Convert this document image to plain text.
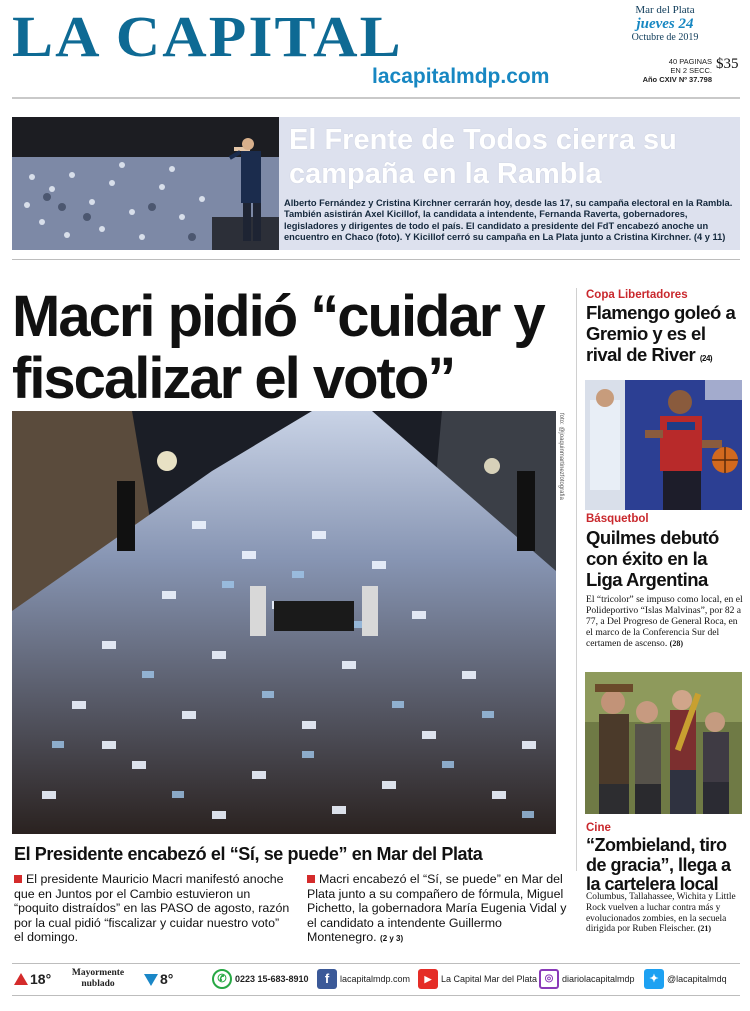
LA CAPITAL
lacapitalmdp.com
Mar del Plata
jueves 24
Octubre de 2019
40 PAGINAS
EN 2 SECC.
Año CXIV Nº 37.798
$35
El Frente de Todos cierra su campaña en la Rambla
Alberto Fernández y Cristina Kirchner cerrarán hoy, desde las 17, su campaña electoral en la Rambla. También asistirán Axel Kicillof, la candidata a intendente, Fernanda Raverta, gobernadores, legisladores y dirigentes de todo el país. El candidato a presidente del FdT encabezó anoche un encuentro en Chaco (foto). Y Kicillof cerró su campaña en La Plata junto a Cristina Kirchner. (4 y 11)
Macri pidió “cuidar y fiscalizar el voto”
foto: @joaquinmartinezfotografia
El Presidente encabezó el “Sí, se puede” en Mar del Plata
El presidente Mauricio Macri manifestó anoche que en Juntos por el Cambio estuvieron un “poquito distraídos” en las PASO de agosto, razón por la cual pidió “fiscalizar y cuidar nuestro voto” el domingo.
Macri encabezó el “Sí, se puede” en Mar del Plata junto a su compañero de fórmula, Miguel Pichetto, la gobernadora María Eugenia Vidal y el candidato a intendente Guillermo Montenegro. (2 y 3)
Copa Libertadores
Flamengo goleó a Gremio y es el rival de River (24)
Básquetbol
Quilmes debutó con éxito en la Liga Argentina
El “tricolor” se impuso como local, en el Polideportivo “Islas Malvinas”, por 82 a 77, a Del Progreso de General Roca, en el marco de la Conferencia Sur del certamen de ascenso. (28)
Cine
“Zombieland, tiro de gracia”, llega a la cartelera local
Columbus, Tallahassee, Wichita y Little Rock vuelven a luchar contra más y evolucionados zombies, en la secuela dirigida por Ruben Fleischer. (21)
18°	Mayormente nublado	8°	✆ 0223 15-683-8910	f	lacapitalmdp.com	▶	La Capital Mar del Plata ◎ diariolacapitalmdp	✦ @lacapitalmdq
